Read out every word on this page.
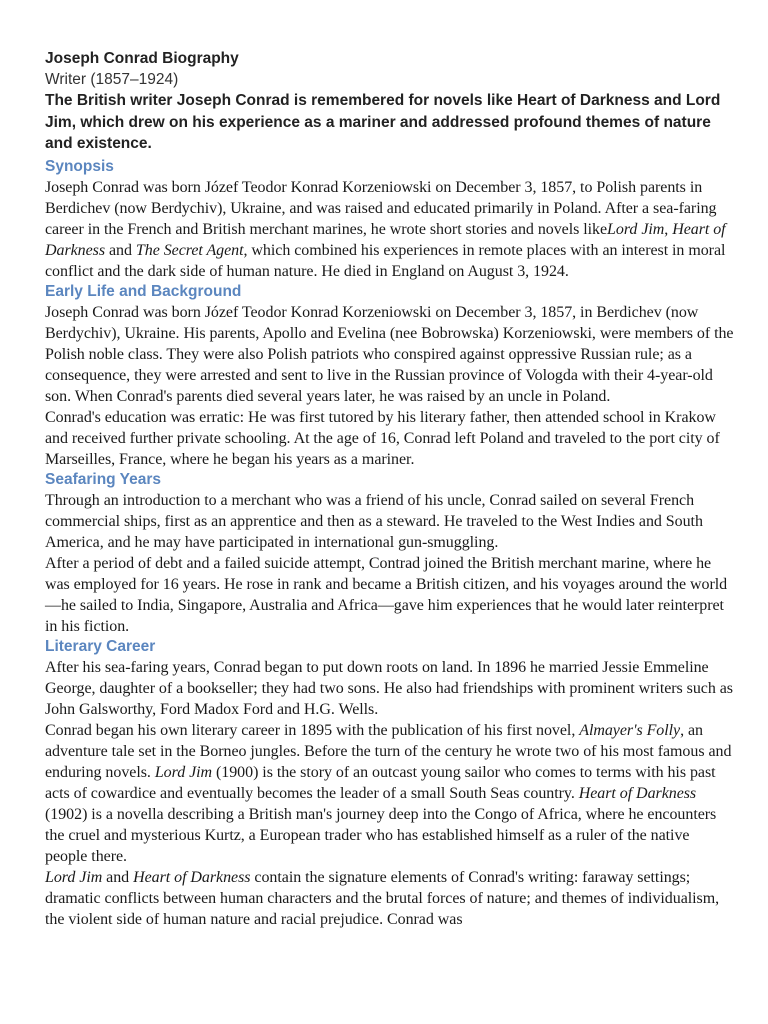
Joseph Conrad Biography
Writer (1857–1924)
The British writer Joseph Conrad is remembered for novels like Heart of Darkness and Lord Jim, which drew on his experience as a mariner and addressed profound themes of nature and existence.
Synopsis

Joseph Conrad was born Józef Teodor Konrad Korzeniowski on December 3, 1857, to Polish parents in Berdichev (now Berdychiv), Ukraine, and was raised and educated primarily in Poland. After a sea-faring career in the French and British merchant marines, he wrote short stories and novels likeLord Jim, Heart of Darkness and The Secret Agent, which combined his experiences in remote places with an interest in moral conflict and the dark side of human nature. He died in England on August 3, 1924.

Early Life and Background

Joseph Conrad was born Józef Teodor Konrad Korzeniowski on December 3, 1857, in Berdichev (now Berdychiv), Ukraine. His parents, Apollo and Evelina (nee Bobrowska) Korzeniowski, were members of the Polish noble class. They were also Polish patriots who conspired against oppressive Russian rule; as a consequence, they were arrested and sent to live in the Russian province of Vologda with their 4-year-old son. When Conrad's parents died several years later, he was raised by an uncle in Poland.

Conrad's education was erratic: He was first tutored by his literary father, then attended school in Krakow and received further private schooling. At the age of 16, Conrad left Poland and traveled to the port city of Marseilles, France, where he began his years as a mariner.

Seafaring Years

Through an introduction to a merchant who was a friend of his uncle, Conrad sailed on several French commercial ships, first as an apprentice and then as a steward. He traveled to the West Indies and South America, and he may have participated in international gun-smuggling.

After a period of debt and a failed suicide attempt, Contrad joined the British merchant marine, where he was employed for 16 years. He rose in rank and became a British citizen, and his voyages around the world—he sailed to India, Singapore, Australia and Africa—gave him experiences that he would later reinterpret in his fiction.

Literary Career

After his sea-faring years, Conrad began to put down roots on land. In 1896 he married Jessie Emmeline George, daughter of a bookseller; they had two sons. He also had friendships with prominent writers such as John Galsworthy, Ford Madox Ford and H.G. Wells.

Conrad began his own literary career in 1895 with the publication of his first novel, Almayer's Folly, an adventure tale set in the Borneo jungles. Before the turn of the century he wrote two of his most famous and enduring novels. Lord Jim (1900) is the story of an outcast young sailor who comes to terms with his past acts of cowardice and eventually becomes the leader of a small South Seas country. Heart of Darkness (1902) is a novella describing a British man's journey deep into the Congo of Africa, where he encounters the cruel and mysterious Kurtz, a European trader who has established himself as a ruler of the native people there.

Lord Jim and Heart of Darkness contain the signature elements of Conrad's writing: faraway settings; dramatic conflicts between human characters and the brutal forces of nature; and themes of individualism, the violent side of human nature and racial prejudice. Conrad was
